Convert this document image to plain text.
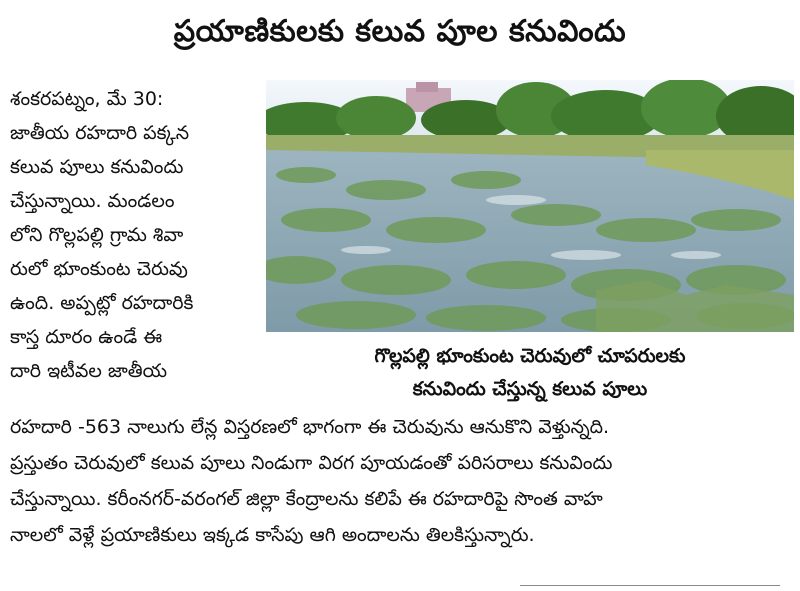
ప్రయాణికులకు కలువ పూల కనువిందు
శంకరపట్నం, మే 30:
జాతీయ రహదారి పక్కన
కలువ పూలు కనువిందు
చేస్తున్నాయి. మండలం
లోని గొల్లపల్లి గ్రామ శివా
రులో భూంకుంట చెరువు
ఉంది. అప్పట్లో రహదారికి
కాస్త దూరం ఉండే ఈ
దారి ఇటీవల జాతీయ
గొల్లపల్లి భూంకుంట చెరువులో చూపరులకు
కనువిందు చేస్తున్న కలువ పూలు
రహదారి -563 నాలుగు లేన్ల విస్తరణలో భాగంగా ఈ చెరువును ఆనుకొని వెళ్తున్నది.
ప్రస్తుతం చెరువులో కలువ పూలు నిండుగా విరగ పూయడంతో పరిసరాలు కనువిందు
చేస్తున్నాయి. కరీంనగర్-వరంగల్ జిల్లా కేంద్రాలను కలిపే ఈ రహదారిపై సొంత వాహ
నాలలో వెళ్లే ప్రయాణికులు ఇక్కడ కాసేపు ఆగి అందాలను తిలకిస్తున్నారు.
